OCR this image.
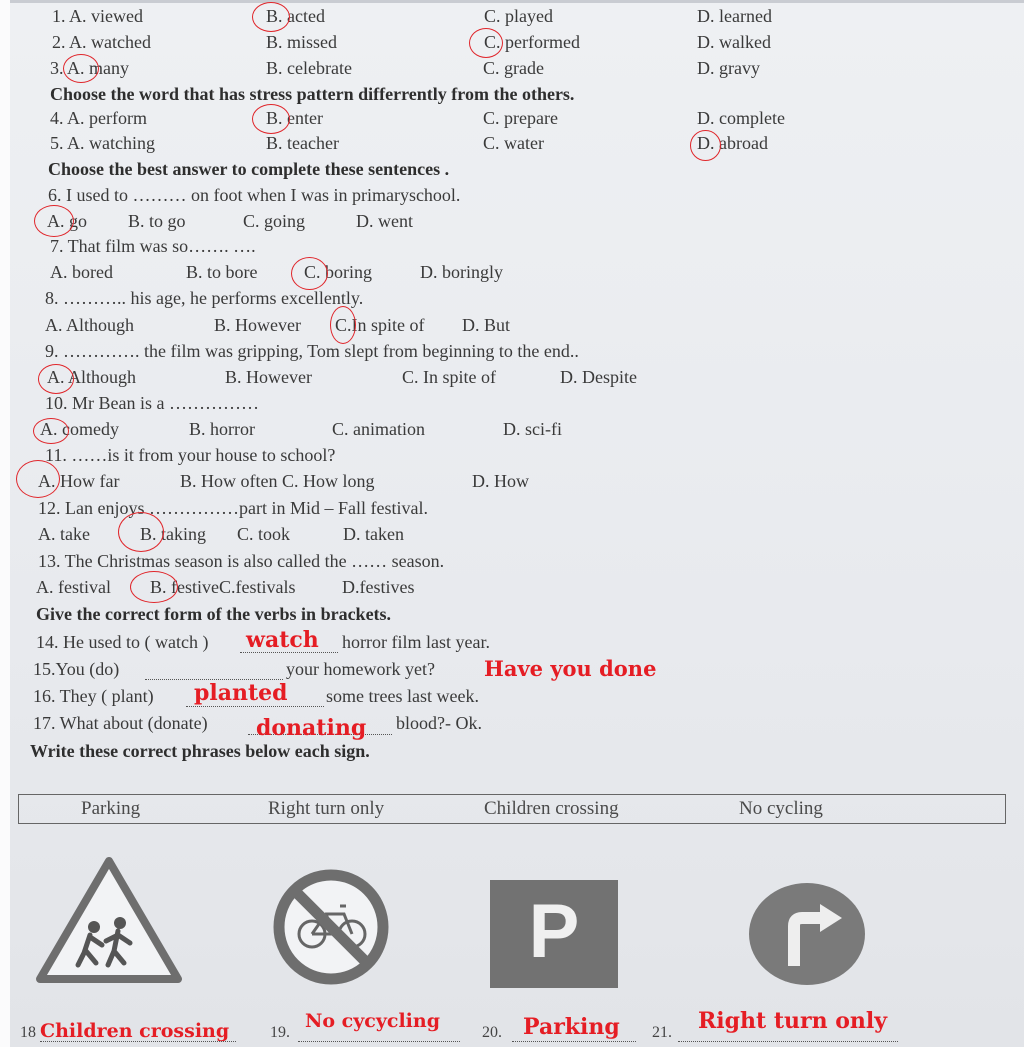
1. A. viewed	B. acted	C. played	D. learned
2. A. watched	B. missed	C. performed	D. walked
3. A. many	B. celebrate	C. grade	D. gravy
Choose the word that has stress pattern differrently from the others.
4. A. perform	B. enter	C. prepare	D. complete
5. A. watching	B. teacher	C. water	D. abroad
Choose the best answer to complete these sentences .
6. I used to ……… on foot when I was in primaryschool.
A. go B. to go	C. going	D. went
7. That film was so……. ….
A. bored	B. to bore	C. boring	D. boringly
8. ……….. his age, he performs excellently.
A. Although	B. However C.In spite of D. But
9. …………. the film was gripping, Tom slept from beginning to the end..
A. Although	B. However	C. In spite of	D. Despite
10. Mr Bean is a ……………
A. comedy	B. horror	C. animation	D. sci-fi
11. ……is it from your house to school?
A. How far	B. How often C. How long	D. How
12. Lan enjoys ……………part in Mid – Fall festival.
A. take	B. taking C. took	D. taken
13. The Christmas season is also called the …… season.
A. festival B. festiveC.festivals	D.festives
Give the correct form of the verbs in brackets.
14. He used to ( watch )	horror film last year.
watch
15.You (do)	your homework yet? Have you done
16. They ( plant)	some trees last week.
planted
17. What about (donate)	blood?- Ok.
donating
Write these correct phrases below each sign.
Parking	Right turn only	Children crossing	No cycling
P
18 Children crossing	19.
No cycycling
20. Parking 21. Right turn only
